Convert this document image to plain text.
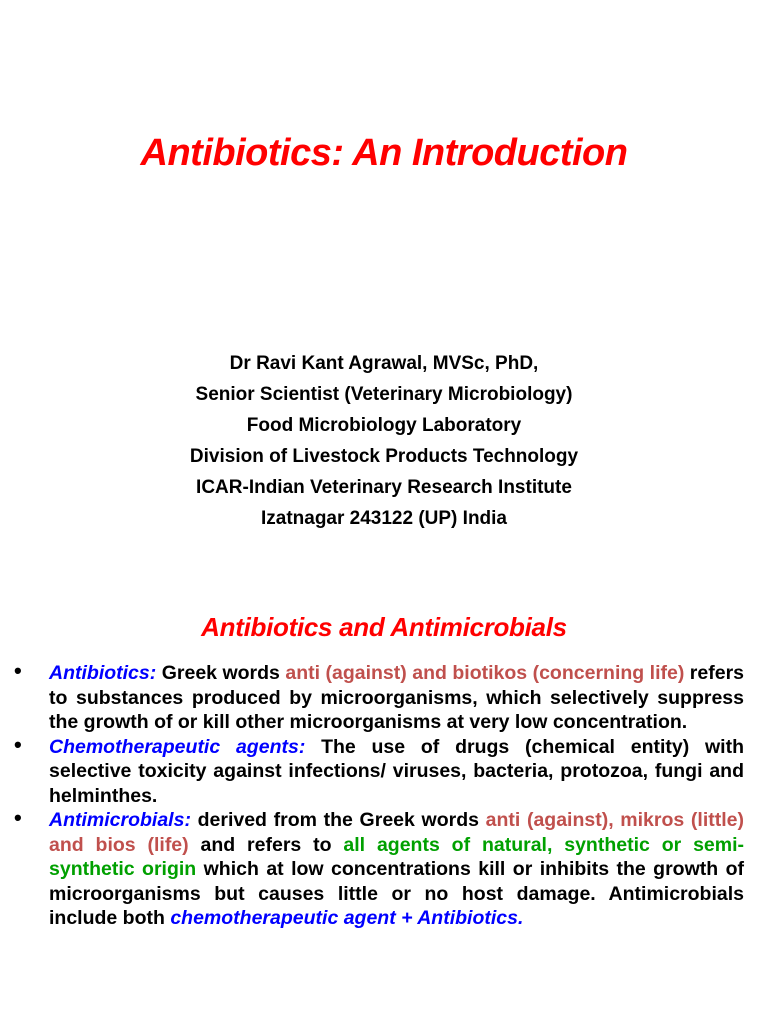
Antibiotics: An Introduction
Dr Ravi Kant Agrawal, MVSc, PhD,
Senior Scientist (Veterinary Microbiology)
Food Microbiology Laboratory
Division of Livestock Products Technology
ICAR-Indian Veterinary Research Institute
Izatnagar 243122 (UP) India
Antibiotics and Antimicrobials
• Antibiotics: Greek words anti (against) and biotikos (concerning life) refers to substances produced by microorganisms, which selectively suppress the growth of or kill other microorganisms at very low concentration.
• Chemotherapeutic agents: The use of drugs (chemical entity) with selective toxicity against infections/ viruses, bacteria, protozoa, fungi and helminthes.
• Antimicrobials: derived from the Greek words anti (against), mikros (little) and bios (life) and refers to all agents of natural, synthetic or semi-synthetic origin which at low concentrations kill or inhibits the growth of microorganisms but causes little or no host damage. Antimicrobials include both chemotherapeutic agent + Antibiotics.
